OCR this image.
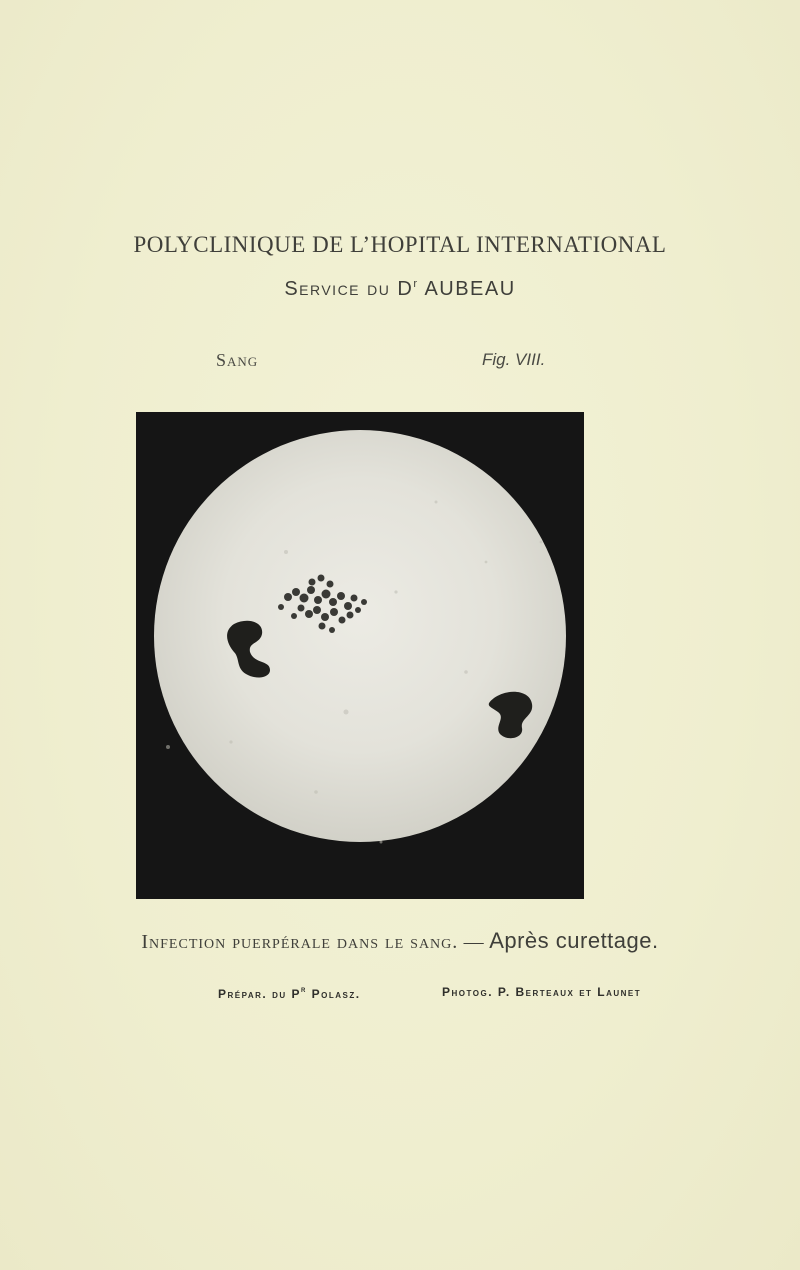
POLYCLINIQUE DE L’HOPITAL INTERNATIONAL
Service du $D^r$ AUBEAU
Sang	Fig. VIII.
Infection puerpérale dans le sang. — Après curettage.
Prépar. du $P^r$ Polasz.	Photog. P. Berteaux et Launet
